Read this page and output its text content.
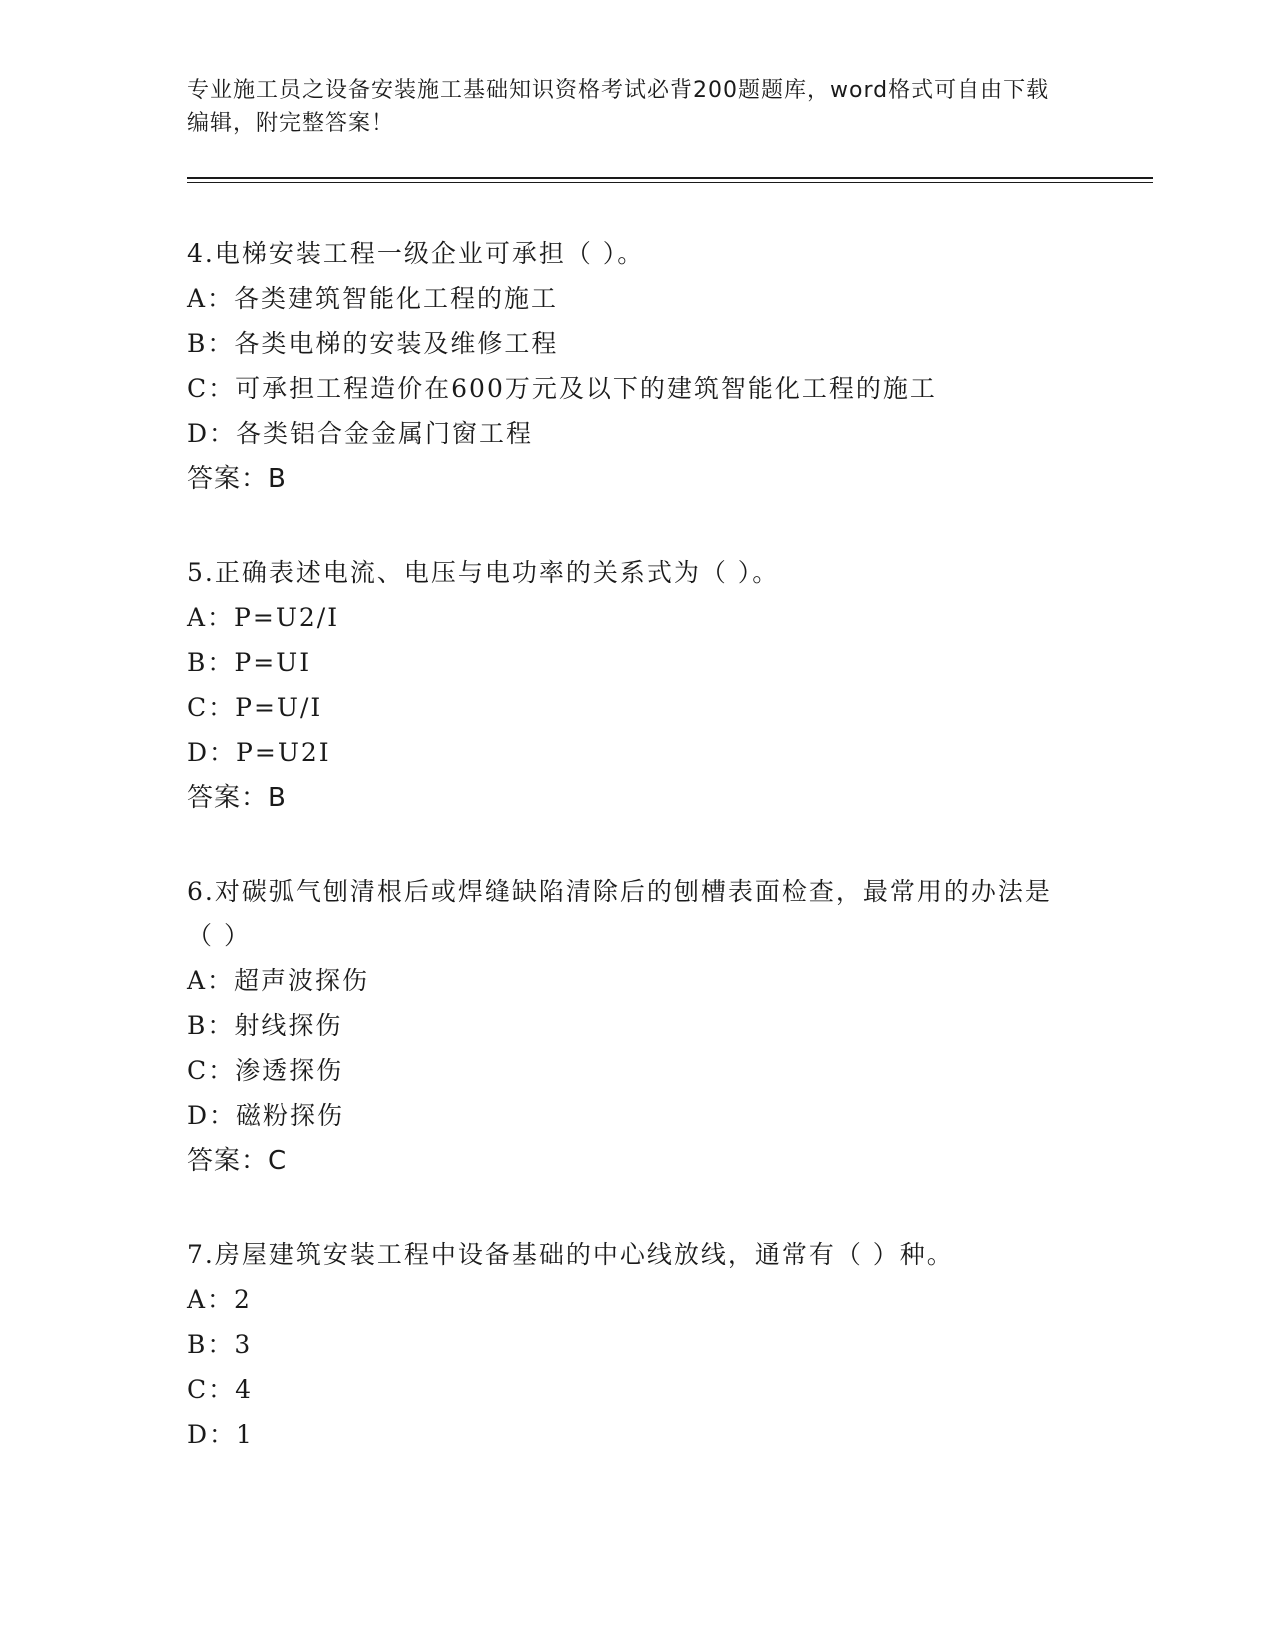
专业施工员之设备安装施工基础知识资格考试必背200题题库，word格式可自由下载编辑，附完整答案！

4.电梯安装工程一级企业可承担（ ）。

A：各类建筑智能化工程的施工

B：各类电梯的安装及维修工程

C：可承担工程造价在600万元及以下的建筑智能化工程的施工

D：各类铝合金金属门窗工程

答案：B

5.正确表述电流、电压与电功率的关系式为（ ）。

A：P=U2/I

B：P=UI

C：P=U/I

D：P=U2I

答案：B

6.对碳弧气刨清根后或焊缝缺陷清除后的刨槽表面检查，最常用的办法是（ ）

A：超声波探伤

B：射线探伤

C：渗透探伤

D：磁粉探伤

答案：C

7.房屋建筑安装工程中设备基础的中心线放线，通常有（ ）种。

A：2

B：3

C：4

D：1
